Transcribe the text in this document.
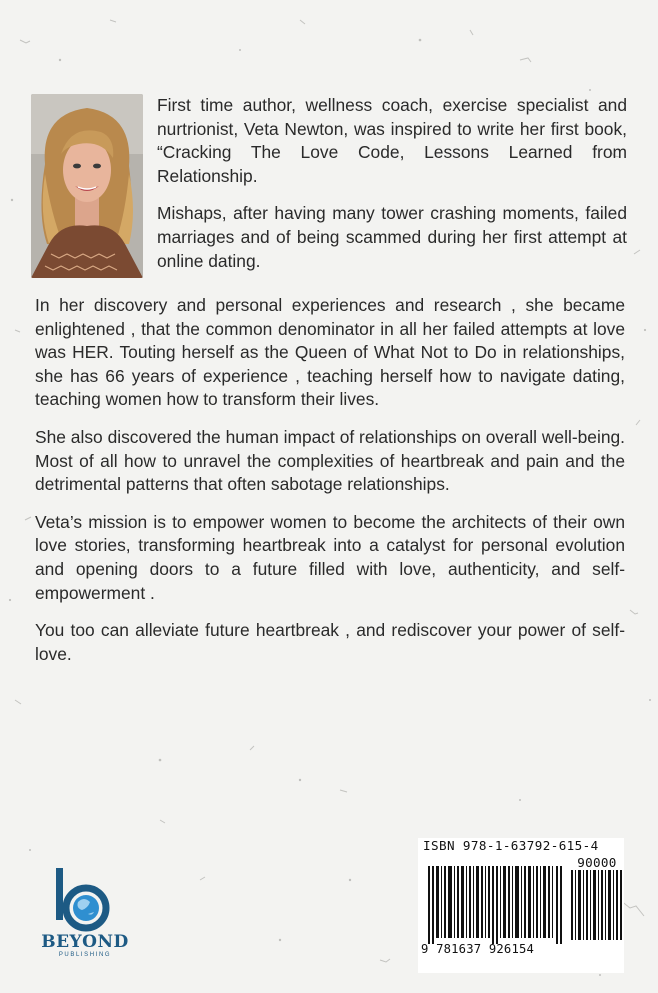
First time author, wellness coach, exercise specialist and nurtrionist, Veta Newton, was inspired to write her first book, “Cracking The Love Code, Lessons Learned from Relationship.

Mishaps, after having many tower crashing moments, failed marriages and of being scammed during her first attempt at online dating.

In her discovery and personal experiences and research , she became enlightened , that the common denominator in all her failed attempts at love was HER. Touting herself as the Queen of What Not to Do in relationships, she has 66 years of experience , teaching herself how to navigate dating, teaching women how to transform their lives.

She also discovered the human impact of relationships on overall well-being. Most of all how to unravel the complexities of heartbreak and pain and the detrimental patterns that often sabotage relationships.

Veta’s mission is to empower women to become the architects of their own love stories, transforming heartbreak into a catalyst for personal evolution and opening doors to a future filled with love, authenticity, and self-empowerment .

You too can alleviate future heartbreak , and rediscover your power of self-love.

BEYOND
PUBLISHING
ISBN 978-1-63792-615-4
90000
9 781637 926154
